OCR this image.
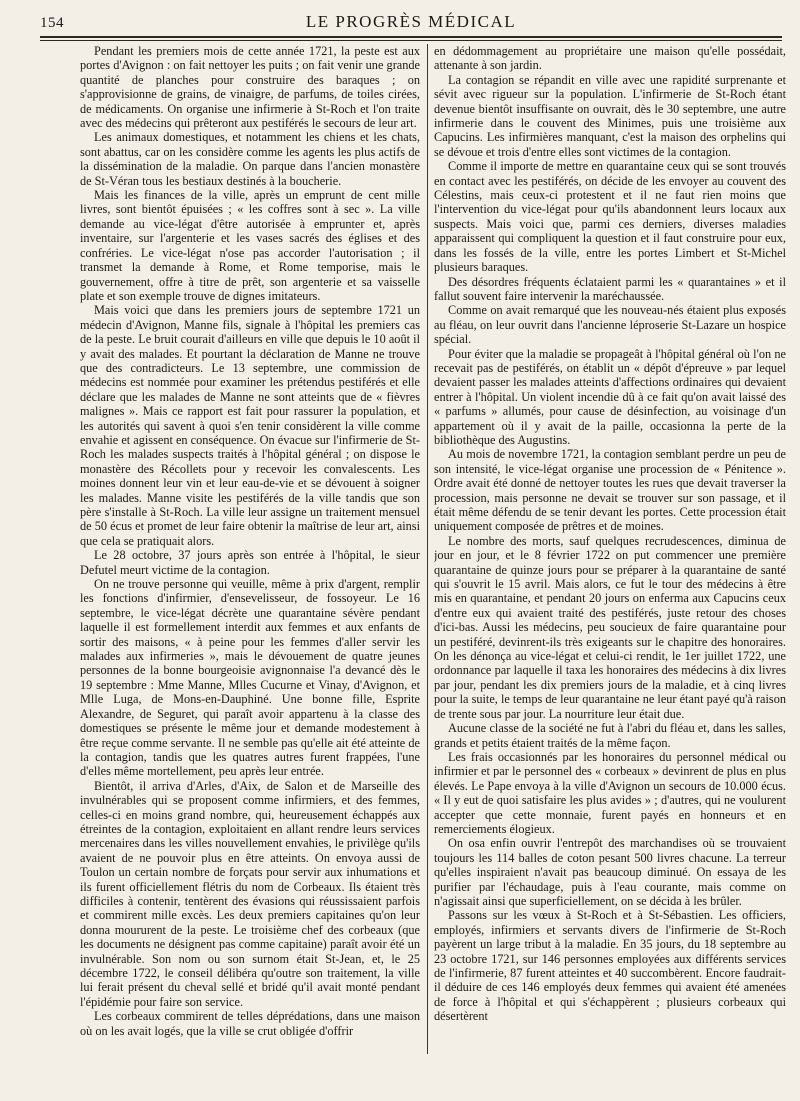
154	LE PROGRÈS MÉDICAL

Pendant les premiers mois de cette année 1721, la peste est aux portes d'Avignon : on fait nettoyer les puits ; on fait venir une grande quantité de planches pour construire des baraques ; on s'approvisionne de grains, de vinaigre, de parfums, de toiles cirées, de médicaments. On organise une infirmerie à St-Roch et l'on traite avec des médecins qui prêteront aux pestiférés le secours de leur art.

Les animaux domestiques, et notamment les chiens et les chats, sont abattus, car on les considère comme les agents les plus actifs de la dissémination de la maladie. On parque dans l'ancien monastère de St-Véran tous les bestiaux destinés à la boucherie.

Mais les finances de la ville, après un emprunt de cent mille livres, sont bientôt épuisées ; « les coffres sont à sec ». La ville demande au vice-légat d'être autorisée à emprunter et, après inventaire, sur l'argenterie et les vases sacrés des églises et des confréries. Le vice-légat n'ose pas accorder l'autorisation ; il transmet la demande à Rome, et Rome temporise, mais le gouvernement, offre à titre de prêt, son argenterie et sa vaisselle plate et son exemple trouve de dignes imitateurs.

Mais voici que dans les premiers jours de septembre 1721 un médecin d'Avignon, Manne fils, signale à l'hôpital les premiers cas de la peste. Le bruit courait d'ailleurs en ville que depuis le 10 août il y avait des malades. Et pourtant la déclaration de Manne ne trouve que des contradicteurs. Le 13 septembre, une commission de médecins est nommée pour examiner les prétendus pestiférés et elle déclare que les malades de Manne ne sont atteints que de « fièvres malignes ». Mais ce rapport est fait pour rassurer la population, et les autorités qui savent à quoi s'en tenir considèrent la ville comme envahie et agissent en conséquence. On évacue sur l'infirmerie de St-Roch les malades suspects traités à l'hôpital général ; on dispose le monastère des Récollets pour y recevoir les convalescents. Les moines donnent leur vin et leur eau-de-vie et se dévouent à soigner les malades. Manne visite les pestiférés de la ville tandis que son père s'installe à St-Roch. La ville leur assigne un traitement mensuel de 50 écus et promet de leur faire obtenir la maîtrise de leur art, ainsi que cela se pratiquait alors.

Le 28 octobre, 37 jours après son entrée à l'hôpital, le sieur Defutel meurt victime de la contagion.

On ne trouve personne qui veuille, même à prix d'argent, remplir les fonctions d'infirmier, d'ensevelisseur, de fossoyeur. Le 16 septembre, le vice-légat décrète une quarantaine sévère pendant laquelle il est formellement interdit aux femmes et aux enfants de sortir des maisons, « à peine pour les femmes d'aller servir les malades aux infirmeries », mais le dévouement de quatre jeunes personnes de la bonne bourgeoisie avignonnaise l'a devancé dès le 19 septembre : Mme Manne, Mlles Cucurne et Vinay, d'Avignon, et Mlle Luga, de Mons-en-Dauphiné. Une bonne fille, Esprite Alexandre, de Seguret, qui paraît avoir appartenu à la classe des domestiques se présente le même jour et demande modestement à être reçue comme servante. Il ne semble pas qu'elle ait été atteinte de la contagion, tandis que les quatres autres furent frappées, l'une d'elles même mortellement, peu après leur entrée.

Bientôt, il arriva d'Arles, d'Aix, de Salon et de Marseille des invulnérables qui se proposent comme infirmiers, et des femmes, celles-ci en moins grand nombre, qui, heureusement échappés aux étreintes de la contagion, exploitaient en allant rendre leurs services mercenaires dans les villes nouvellement envahies, le privilège qu'ils avaient de ne pouvoir plus en être atteints. On envoya aussi de Toulon un certain nombre de forçats pour servir aux inhumations et ils furent officiellement flétris du nom de Corbeaux. Ils étaient très difficiles à contenir, tentèrent des évasions qui réussissaient parfois et commirent mille excès. Les deux premiers capitaines qu'on leur donna moururent de la peste. Le troisième chef des corbeaux (que les documents ne désignent pas comme capitaine) paraît avoir été un invulnérable. Son nom ou son surnom était St-Jean, et, le 25 décembre 1722, le conseil délibéra qu'outre son traitement, la ville lui ferait présent du cheval sellé et bridé qu'il avait monté pendant l'épidémie pour faire son service.

Les corbeaux commirent de telles déprédations, dans une maison où on les avait logés, que la ville se crut obligée d'offrir

en dédommagement au propriétaire une maison qu'elle possédait, attenante à son jardin.

La contagion se répandit en ville avec une rapidité surprenante et sévit avec rigueur sur la population. L'infirmerie de St-Roch étant devenue bientôt insuffisante on ouvrait, dès le 30 septembre, une autre infirmerie dans le couvent des Minimes, puis une troisième aux Capucins. Les infirmières manquant, c'est la maison des orphelins qui se dévoue et trois d'entre elles sont victimes de la contagion.

Comme il importe de mettre en quarantaine ceux qui se sont trouvés en contact avec les pestiférés, on décide de les envoyer au couvent des Célestins, mais ceux-ci protestent et il ne faut rien moins que l'intervention du vice-légat pour qu'ils abandonnent leurs locaux aux suspects. Mais voici que, parmi ces derniers, diverses maladies apparaissent qui compliquent la question et il faut construire pour eux, dans les fossés de la ville, entre les portes Limbert et St-Michel plusieurs baraques.

Des désordres fréquents éclataient parmi les « quarantaines » et il fallut souvent faire intervenir la maréchaussée.

Comme on avait remarqué que les nouveau-nés étaient plus exposés au fléau, on leur ouvrit dans l'ancienne léproserie St-Lazare un hospice spécial.

Pour éviter que la maladie se propageât à l'hôpital général où l'on ne recevait pas de pestiférés, on établit un « dépôt d'épreuve » par lequel devaient passer les malades atteints d'affections ordinaires qui devaient entrer à l'hôpital. Un violent incendie dû à ce fait qu'on avait laissé des « parfums » allumés, pour cause de désinfection, au voisinage d'un appartement où il y avait de la paille, occasionna la perte de la bibliothèque des Augustins.

Au mois de novembre 1721, la contagion semblant perdre un peu de son intensité, le vice-légat organise une procession de « Pénitence ». Ordre avait été donné de nettoyer toutes les rues que devait traverser la procession, mais personne ne devait se trouver sur son passage, et il était même défendu de se tenir devant les portes. Cette procession était uniquement composée de prêtres et de moines.

Le nombre des morts, sauf quelques recrudescences, diminua de jour en jour, et le 8 février 1722 on put commencer une première quarantaine de quinze jours pour se préparer à la quarantaine de santé qui s'ouvrit le 15 avril. Mais alors, ce fut le tour des médecins à être mis en quarantaine, et pendant 20 jours on enferma aux Capucins ceux d'entre eux qui avaient traité des pestiférés, juste retour des choses d'ici-bas. Aussi les médecins, peu soucieux de faire quarantaine pour un pestiféré, devinrent-ils très exigeants sur le chapitre des honoraires. On les dénonça au vice-légat et celui-ci rendit, le 1er juillet 1722, une ordonnance par laquelle il taxa les honoraires des médecins à dix livres par jour, pendant les dix premiers jours de la maladie, et à cinq livres pour la suite, le temps de leur quarantaine ne leur étant payé qu'à raison de trente sous par jour. La nourriture leur était due.

Aucune classe de la société ne fut à l'abri du fléau et, dans les salles, grands et petits étaient traités de la même façon.

Les frais occasionnés par les honoraires du personnel médical ou infirmier et par le personnel des « corbeaux » devinrent de plus en plus élevés. Le Pape envoya à la ville d'Avignon un secours de 10.000 écus. « Il y eut de quoi satisfaire les plus avides » ; d'autres, qui ne voulurent accepter que cette monnaie, furent payés en honneurs et en remerciements élogieux.

On osa enfin ouvrir l'entrepôt des marchandises où se trouvaient toujours les 114 balles de coton pesant 500 livres chacune. La terreur qu'elles inspiraient n'avait pas beaucoup diminué. On essaya de les purifier par l'échaudage, puis à l'eau courante, mais comme on n'agissait ainsi que superficiellement, on se décida à les brûler.

Passons sur les vœux à St-Roch et à St-Sébastien. Les officiers, employés, infirmiers et servants divers de l'infirmerie de St-Roch payèrent un large tribut à la maladie. En 35 jours, du 18 septembre au 23 octobre 1721, sur 146 personnes employées aux différents services de l'infirmerie, 87 furent atteintes et 40 succombèrent. Encore faudrait-il déduire de ces 146 employés deux femmes qui avaient été amenées de force à l'hôpital et qui s'échappèrent ; plusieurs corbeaux qui désertèrent
